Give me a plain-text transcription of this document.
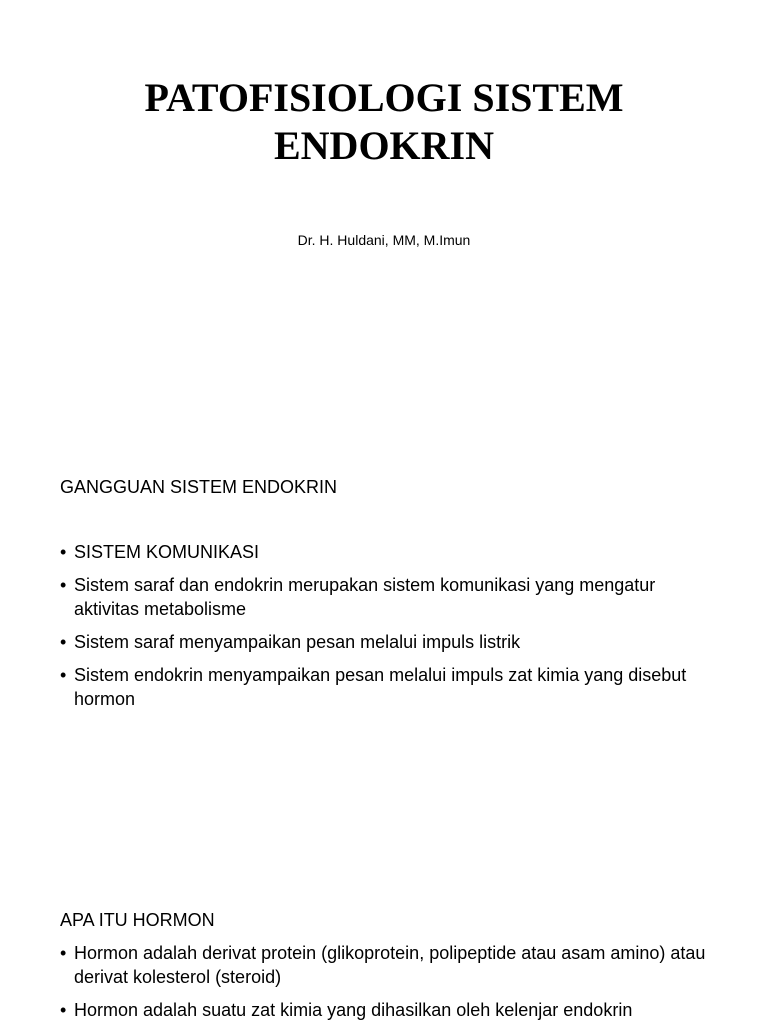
PATOFISIOLOGI SISTEM
ENDOKRIN
Dr. H. Huldani, MM, M.Imun
GANGGUAN SISTEM ENDOKRIN
• SISTEM KOMUNIKASI
• Sistem saraf dan endokrin merupakan sistem komunikasi yang mengatur aktivitas metabolisme
• Sistem saraf menyampaikan pesan melalui impuls listrik
• Sistem endokrin menyampaikan pesan melalui impuls zat kimia yang disebut hormon
APA ITU HORMON
• Hormon adalah derivat protein (glikoprotein, polipeptide atau asam amino) atau derivat kolesterol (steroid)
• Hormon adalah suatu zat kimia yang dihasilkan oleh kelenjar endokrin
